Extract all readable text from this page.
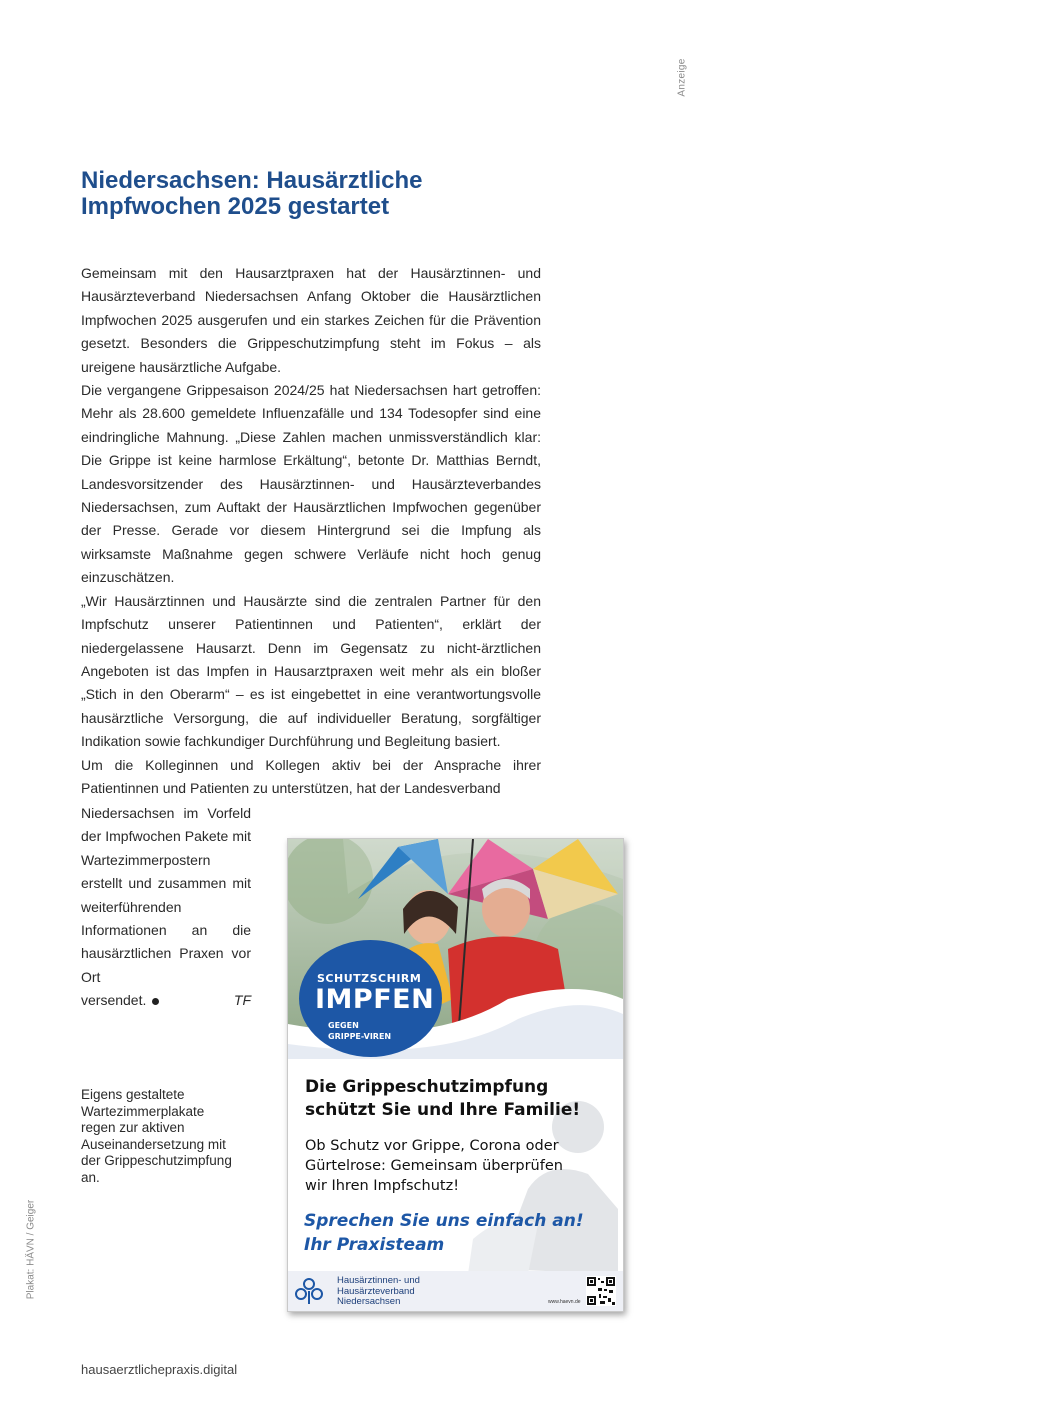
Anzeige
Niedersachsen: Hausärztliche
Impfwochen 2025 gestartet

Gemeinsam mit den Hausarztpraxen hat der Hausärztinnen- und Hausärzteverband Niedersachsen Anfang Oktober die Hausärztlichen Impfwochen 2025 ausgerufen und ein starkes Zeichen für die Prävention gesetzt. Besonders die Grippeschutzimpfung steht im Fokus – als ureigene hausärztliche Aufgabe.

Die vergangene Grippesaison 2024/25 hat Niedersachsen hart getroffen: Mehr als 28.600 gemeldete Influenzafälle und 134 Todesopfer sind eine eindringliche Mahnung. „Diese Zahlen machen unmissverständlich klar: Die Grippe ist keine harmlose Erkältung“, betonte Dr. Matthias Berndt, Landesvorsitzender des Hausärztinnen- und Hausärzteverbandes Niedersachsen, zum Auftakt der Hausärztlichen Impfwochen gegenüber der Presse. Gerade vor diesem Hintergrund sei die Impfung als wirksamste Maßnahme gegen schwere Verläufe nicht hoch genug einzuschätzen.

„Wir Hausärztinnen und Hausärzte sind die zentralen Partner für den Impfschutz unserer Patientinnen und Patienten“, erklärt der niedergelassene Hausarzt. Denn im Gegensatz zu nicht-ärztlichen Angeboten ist das Impfen in Hausarztpraxen weit mehr als ein bloßer „Stich in den Oberarm“ – es ist eingebettet in eine verantwortungsvolle hausärztliche Versorgung, die auf individueller Beratung, sorgfältiger Indikation sowie fachkundiger Durchführung und Begleitung basiert.

Um die Kolleginnen und Kollegen aktiv bei der Ansprache ihrer Patientinnen und Patienten zu unterstützen, hat der Landesverband

Niedersachsen im Vorfeld der Impfwochen Pakete mit Wartezimmerpostern erstellt und zusammen mit weiterführenden Informationen an die hausärztlichen Praxen vor Ort
versendet.	TF
Eigens gestaltete Wartezimmerplakate regen zur aktiven Auseinandersetzung mit der Grippeschutzimpfung an.
Plakat: HÄVN / Geiger
hausaerztlichepraxis.digital
SCHUTZSCHIRM
IMPFEN
GEGEN
GRIPPE-VIREN
Die Grippeschutzimpfung
schützt Sie und Ihre Familie!
Ob Schutz vor Grippe, Corona oder
Gürtelrose: Gemeinsam überprüfen
wir Ihren Impfschutz!
Sprechen Sie uns einfach an!
Ihr Praxisteam
Hausärztinnen- und
Hausärzteverband
Niedersachsen	www.haevn.de
